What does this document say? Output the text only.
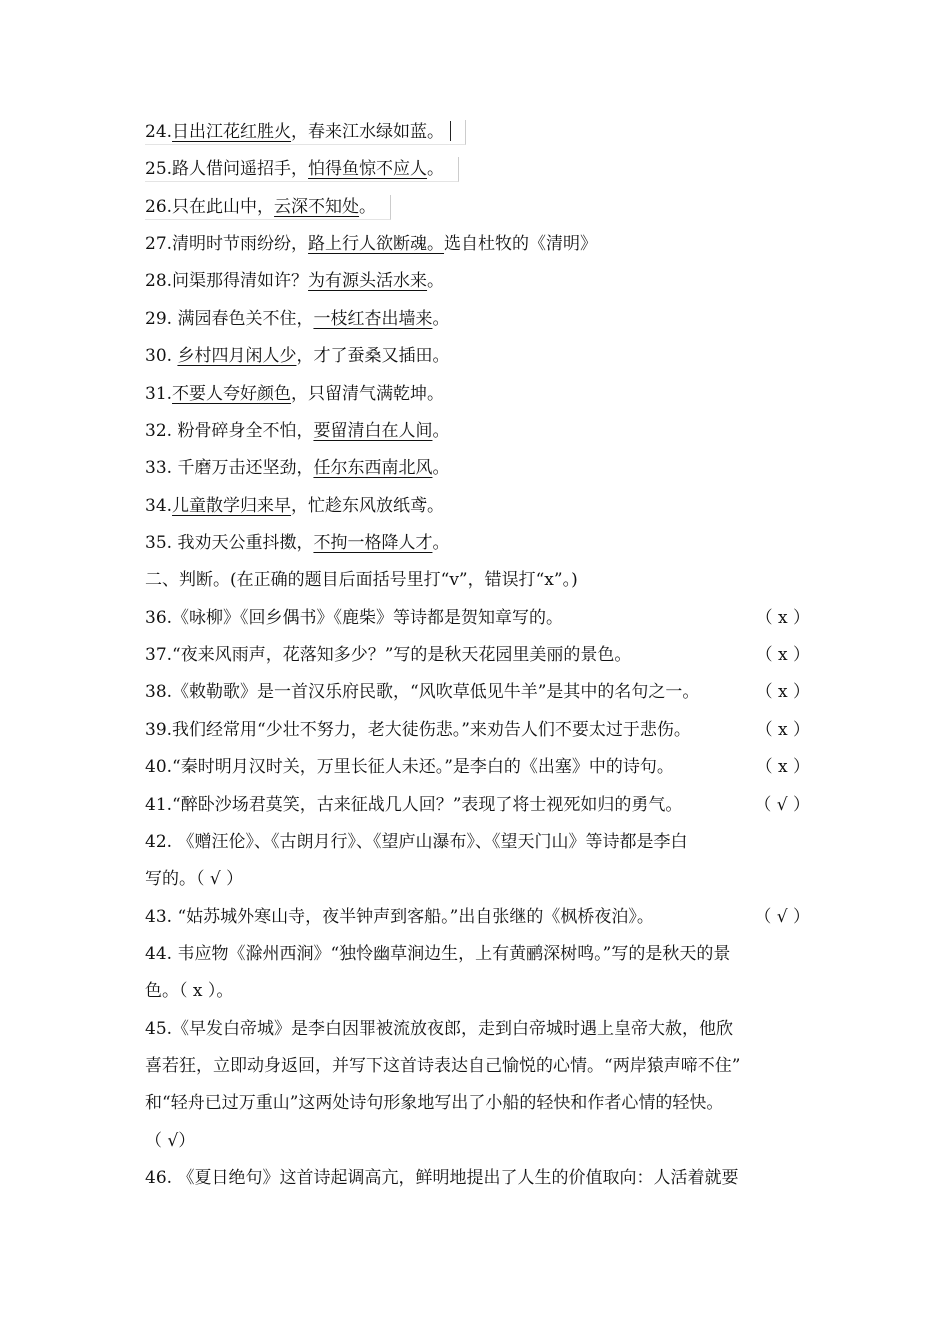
24.日出江花红胜火，春来江水绿如蓝。
25.路人借问遥招手，怕得鱼惊不应人。
26.只在此山中，云深不知处。
27.清明时节雨纷纷，路上行人欲断魂。选自杜牧的《清明》
28.问渠那得清如许？为有源头活水来。
29. 满园春色关不住，一枝红杏出墙来。
30. 乡村四月闲人少，才了蚕桑又插田。
31.不要人夸好颜色，只留清气满乾坤。
32. 粉骨碎身全不怕，要留清白在人间。
33. 千磨万击还坚劲，任尔东西南北风。
34.儿童散学归来早，忙趁东风放纸鸢。
35. 我劝天公重抖擞，不拘一格降人才。
二、判断。(在正确的题目后面括号里打“v”，错误打“x”。)
36.《咏柳》《回乡偶书》《鹿柴》等诗都是贺知章写的。	（ x ）
37.“夜来风雨声，花落知多少？”写的是秋天花园里美丽的景色。	（ x ）
38.《敕勒歌》是一首汉乐府民歌，“风吹草低见牛羊”是其中的名句之一。	（ x ）
39.我们经常用“少壮不努力，老大徒伤悲。”来劝告人们不要太过于悲伤。	（ x ）
40.“秦时明月汉时关，万里长征人未还。”是李白的《出塞》中的诗句。	（ x ）
41.“醉卧沙场君莫笑，古来征战几人回？”表现了将士视死如归的勇气。	（ √ ）
42. 《赠汪伦》、《古朗月行》、《望庐山瀑布》、《望天门山》等诗都是李白
写的。（ √ ）
43. “姑苏城外寒山寺，夜半钟声到客船。”出自张继的《枫桥夜泊》。	（ √ ）
44. 韦应物《滁州西涧》“独怜幽草涧边生，上有黄鹂深树鸣。”写的是秋天的景
色。（ x ）。
45.《早发白帝城》是李白因罪被流放夜郎，走到白帝城时遇上皇帝大赦，他欣
喜若狂，立即动身返回，并写下这首诗表达自己愉悦的心情。“两岸猿声啼不住”
和“轻舟已过万重山”这两处诗句形象地写出了小船的轻快和作者心情的轻快。
（ √）
46. 《夏日绝句》这首诗起调高亢，鲜明地提出了人生的价值取向：人活着就要
